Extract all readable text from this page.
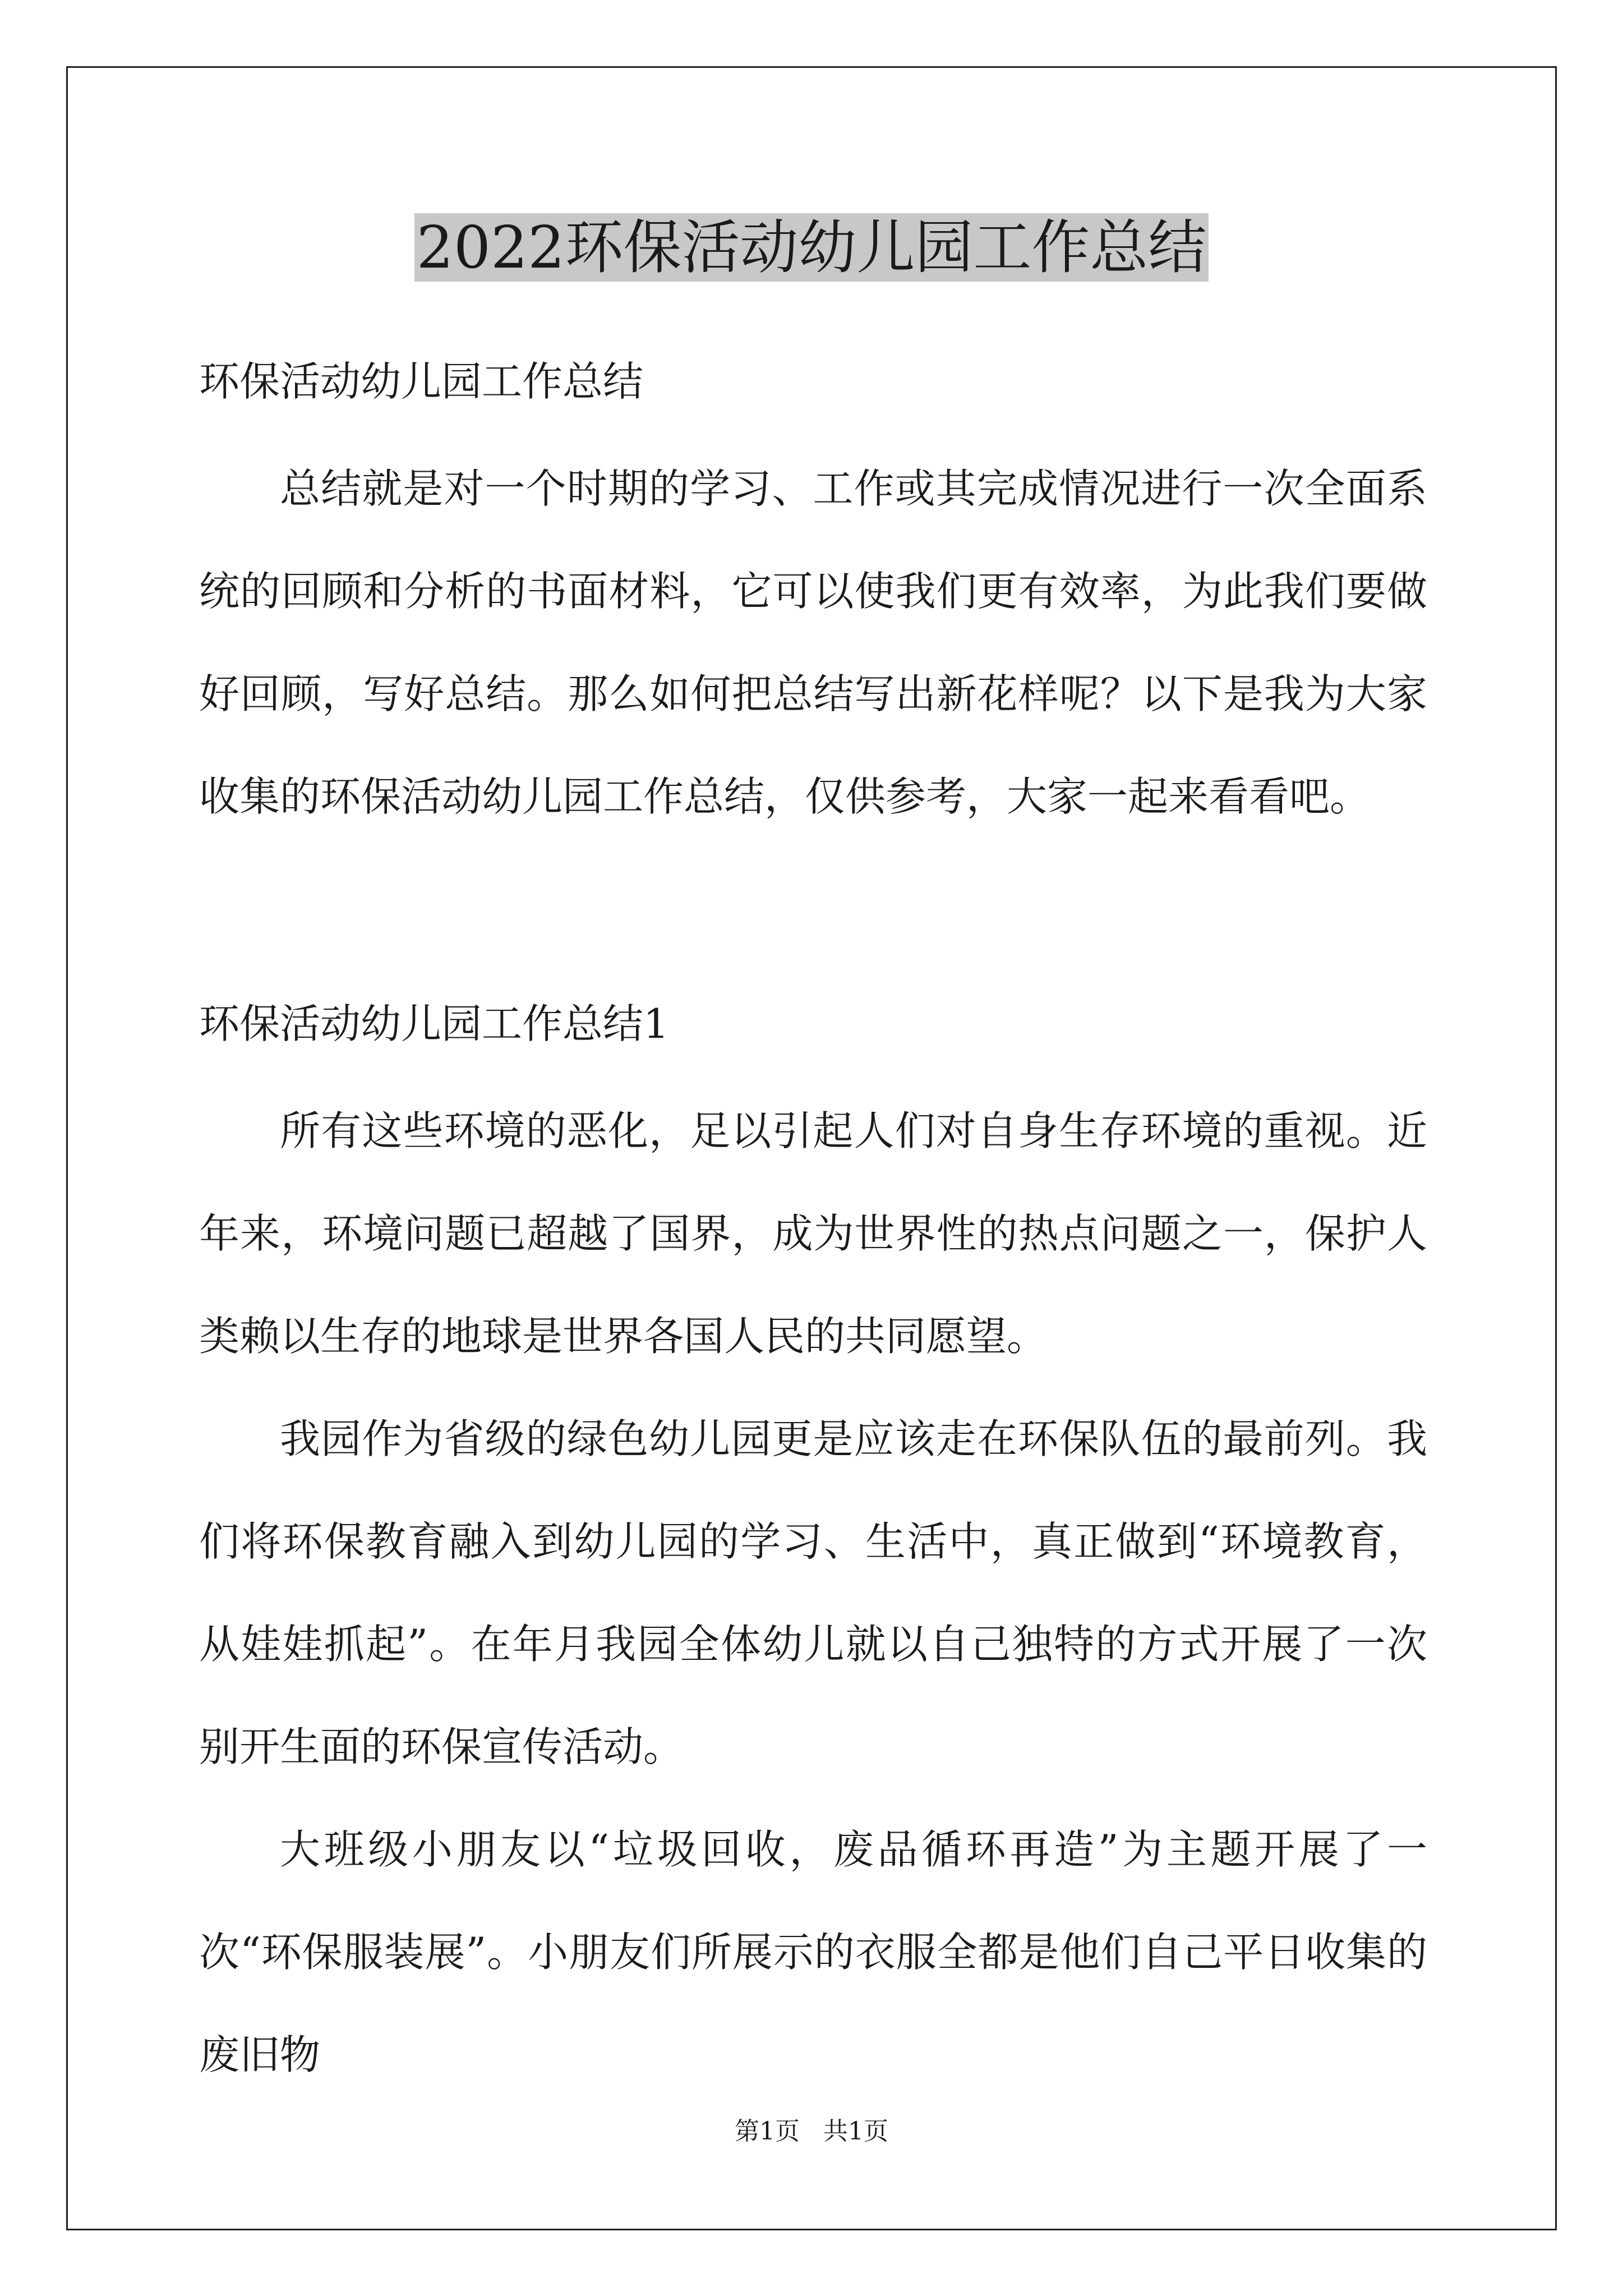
2022环保活动幼儿园工作总结

环保活动幼儿园工作总结

总结就是对一个时期的学习、工作或其完成情况进行一次全面系统的回顾和分析的书面材料，它可以使我们更有效率，为此我们要做好回顾，写好总结。那么如何把总结写出新花样呢？以下是我为大家收集的环保活动幼儿园工作总结，仅供参考，大家一起来看看吧。

环保活动幼儿园工作总结1

所有这些环境的恶化，足以引起人们对自身生存环境的重视。近年来，环境问题已超越了国界，成为世界性的热点问题之一，保护人类赖以生存的地球是世界各国人民的共同愿望。

我园作为省级的绿色幼儿园更是应该走在环保队伍的最前列。我们将环保教育融入到幼儿园的学习、生活中，真正做到“环境教育，从娃娃抓起”。在年月我园全体幼儿就以自己独特的方式开展了一次别开生面的环保宣传活动。

大班级小朋友以“垃圾回收，废品循环再造”为主题开展了一次“环保服装展”。小朋友们所展示的衣服全都是他们自己平日收集的废旧物

第1页   共1页
